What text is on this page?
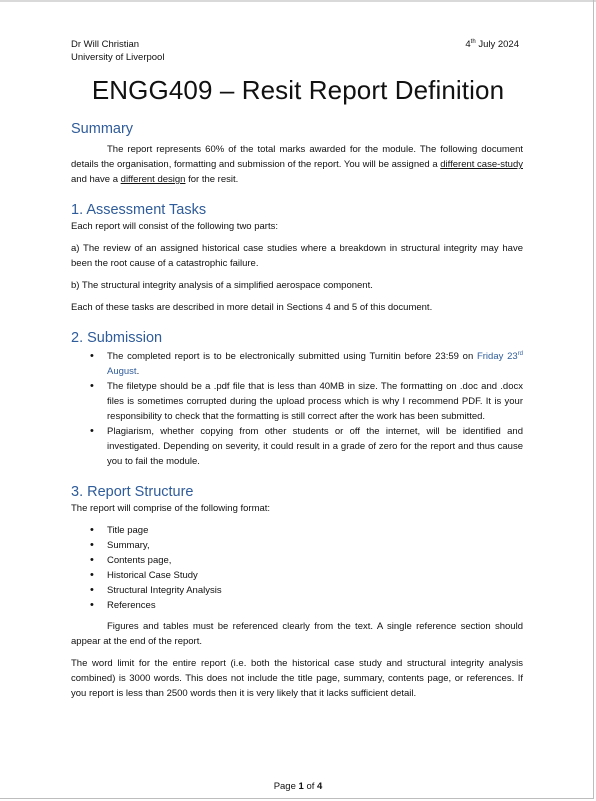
Dr Will Christian
University of Liverpool
4th July 2024
ENGG409 – Resit Report Definition
Summary

The report represents 60% of the total marks awarded for the module. The following document details the organisation, formatting and submission of the report. You will be assigned a different case-study and have a different design for the resit.

1. Assessment Tasks

Each report will consist of the following two parts:

a) The review of an assigned historical case studies where a breakdown in structural integrity may have been the root cause of a catastrophic failure.

b) The structural integrity analysis of a simplified aerospace component.

Each of these tasks are described in more detail in Sections 4 and 5 of this document.

2. Submission
• The completed report is to be electronically submitted using Turnitin before 23:59 on Friday 23rd August.
• The filetype should be a .pdf file that is less than 40MB in size. The formatting on .doc and .docx files is sometimes corrupted during the upload process which is why I recommend PDF. It is your responsibility to check that the formatting is still correct after the work has been submitted.
• Plagiarism, whether copying from other students or off the internet, will be identified and investigated. Depending on severity, it could result in a grade of zero for the report and thus cause you to fail the module.
3. Report Structure

The report will comprise of the following format:

• Title page
• Summary,
• Contents page,
• Historical Case Study
• Structural Integrity Analysis
• References

Figures and tables must be referenced clearly from the text. A single reference section should appear at the end of the report.

The word limit for the entire report (i.e. both the historical case study and structural integrity analysis combined) is 3000 words. This does not include the title page, summary, contents page, or references. If you report is less than 2500 words then it is very likely that it lacks sufficient detail.

Page 1 of 4
